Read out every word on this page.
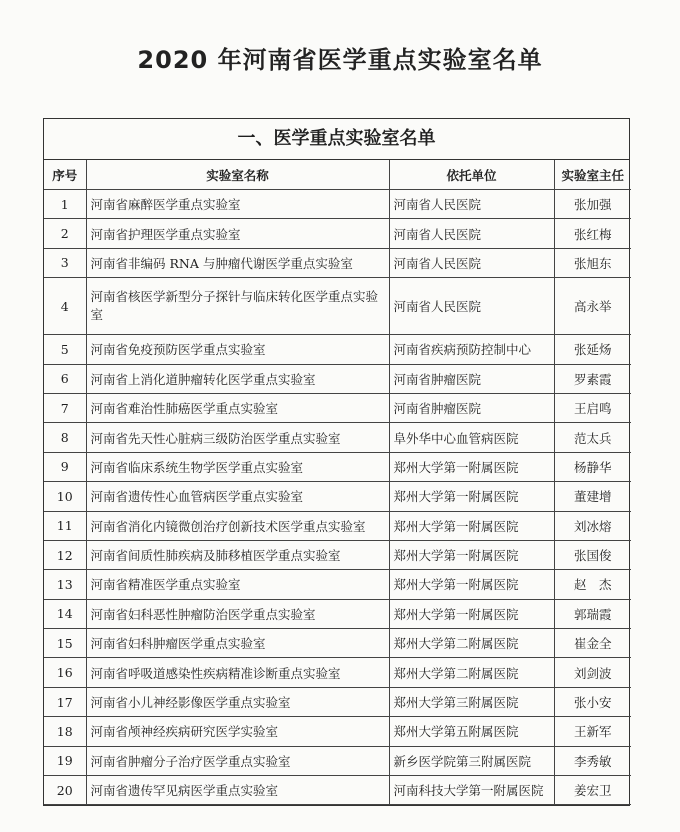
2020 年河南省医学重点实验室名单
一、医学重点实验室名单
序号	实验室名称	依托单位	实验室主任
1	河南省麻醉医学重点实验室	河南省人民医院	张加强
2	河南省护理医学重点实验室	河南省人民医院	张红梅
3	河南省非编码 RNA 与肿瘤代谢医学重点实验室	河南省人民医院	张旭东
4	河南省核医学新型分子探针与临床转化医学重点实验室	河南省人民医院	高永举
5	河南省免疫预防医学重点实验室	河南省疾病预防控制中心	张延炀
6	河南省上消化道肿瘤转化医学重点实验室	河南省肿瘤医院	罗素霞
7	河南省难治性肺癌医学重点实验室	河南省肿瘤医院	王启鸣
8	河南省先天性心脏病三级防治医学重点实验室	阜外华中心血管病医院	范太兵
9	河南省临床系统生物学医学重点实验室	郑州大学第一附属医院	杨静华
10	河南省遗传性心血管病医学重点实验室	郑州大学第一附属医院	董建增
11	河南省消化内镜微创治疗创新技术医学重点实验室	郑州大学第一附属医院	刘冰熔
12	河南省间质性肺疾病及肺移植医学重点实验室	郑州大学第一附属医院	张国俊
13	河南省精准医学重点实验室	郑州大学第一附属医院	赵　杰
14	河南省妇科恶性肿瘤防治医学重点实验室	郑州大学第一附属医院	郭瑞霞
15	河南省妇科肿瘤医学重点实验室	郑州大学第二附属医院	崔金全
16	河南省呼吸道感染性疾病精准诊断重点实验室	郑州大学第二附属医院	刘剑波
17	河南省小儿神经影像医学重点实验室	郑州大学第三附属医院	张小安
18	河南省颅神经疾病研究医学实验室	郑州大学第五附属医院	王新军
19	河南省肿瘤分子治疗医学重点实验室	新乡医学院第三附属医院	李秀敏
20	河南省遗传罕见病医学重点实验室	河南科技大学第一附属医院	姜宏卫
